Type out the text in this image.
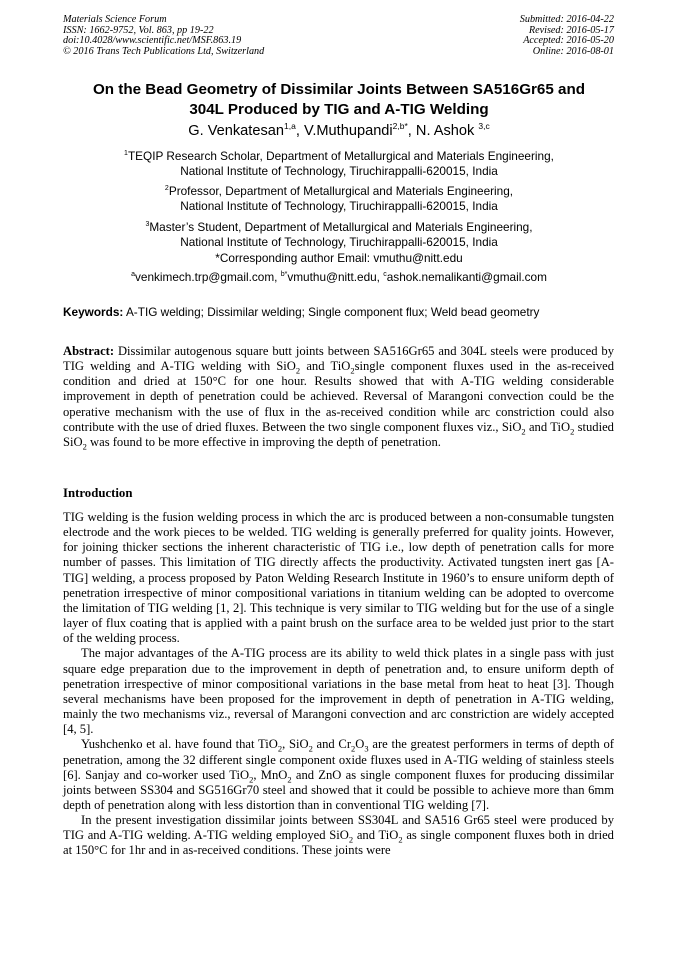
Materials Science Forum
ISSN: 1662-9752, Vol. 863, pp 19-22
doi:10.4028/www.scientific.net/MSF.863.19
© 2016 Trans Tech Publications Ltd, Switzerland
Submitted: 2016-04-22
Revised: 2016-05-17
Accepted: 2016-05-20
Online: 2016-08-01
On the Bead Geometry of Dissimilar Joints Between SA516Gr65 and
304L Produced by TIG and A-TIG Welding
G. Venkatesan$^{1,a}$, V.Muthupandi$^{2,b*}$, N. Ashok $^{3,c}$
$^1$TEQIP Research Scholar, Department of Metallurgical and Materials Engineering,
National Institute of Technology, Tiruchirappalli-620015, India
$^2$Professor, Department of Metallurgical and Materials Engineering,
National Institute of Technology, Tiruchirappalli-620015, India
$^3$Master’s Student, Department of Metallurgical and Materials Engineering,
National Institute of Technology, Tiruchirappalli-620015, India
*Corresponding author Email: vmuthu@nitt.edu
$^a$venkimech.trp@gmail.com, $^{b*}$vmuthu@nitt.edu, $^c$ashok.nemalikanti@gmail.com
Keywords: A-TIG welding; Dissimilar welding; Single component flux; Weld bead geometry
Abstract: Dissimilar autogenous square butt joints between SA516Gr65 and 304L steels were produced by TIG welding and A-TIG welding with SiO$_2$ and TiO$_2$single component fluxes used in the as-received condition and dried at 150°C for one hour. Results showed that with A-TIG welding considerable improvement in depth of penetration could be achieved. Reversal of Marangoni convection could be the operative mechanism with the use of flux in the as-received condition while arc constriction could also contribute with the use of dried fluxes. Between the two single component fluxes viz., SiO$_2$ and TiO$_2$ studied SiO$_2$ was found to be more effective in improving the depth of penetration.
Introduction

TIG welding is the fusion welding process in which the arc is produced between a non-consumable tungsten electrode and the work pieces to be welded. TIG welding is generally preferred for quality joints. However, for joining thicker sections the inherent characteristic of TIG i.e., low depth of penetration calls for more number of passes. This limitation of TIG directly affects the productivity. Activated tungsten inert gas [A-TIG] welding, a process proposed by Paton Welding Research Institute in 1960’s to ensure uniform depth of penetration irrespective of minor compositional variations in titanium welding can be adopted to overcome the limitation of TIG welding [1, 2]. This technique is very similar to TIG welding but for the use of a single layer of flux coating that is applied with a paint brush on the surface area to be welded just prior to the start of the welding process.

The major advantages of the A-TIG process are its ability to weld thick plates in a single pass with just square edge preparation due to the improvement in depth of penetration and, to ensure uniform depth of penetration irrespective of minor compositional variations in the base metal from heat to heat [3]. Though several mechanisms have been proposed for the improvement in depth of penetration in A-TIG welding, mainly the two mechanisms viz., reversal of Marangoni convection and arc constriction are widely accepted [4, 5].

Yushchenko et al. have found that TiO$_2$, SiO$_2$ and $Cr_2O_3$ are the greatest performers in terms of depth of penetration, among the 32 different single component oxide fluxes used in A-TIG welding of stainless steels [6]. Sanjay and co-worker used TiO$_2$, MnO$_2$ and ZnO as single component fluxes for producing dissimilar joints between SS304 and SG516Gr70 steel and showed that it could be possible to achieve more than 6mm depth of penetration along with less distortion than in conventional TIG welding [7].

In the present investigation dissimilar joints between SS304L and SA516 Gr65 steel were produced by TIG and A-TIG welding. A-TIG welding employed SiO$_2$ and TiO$_2$ as single component fluxes both in dried at 150°C for 1hr and in as-received conditions. These joints were
